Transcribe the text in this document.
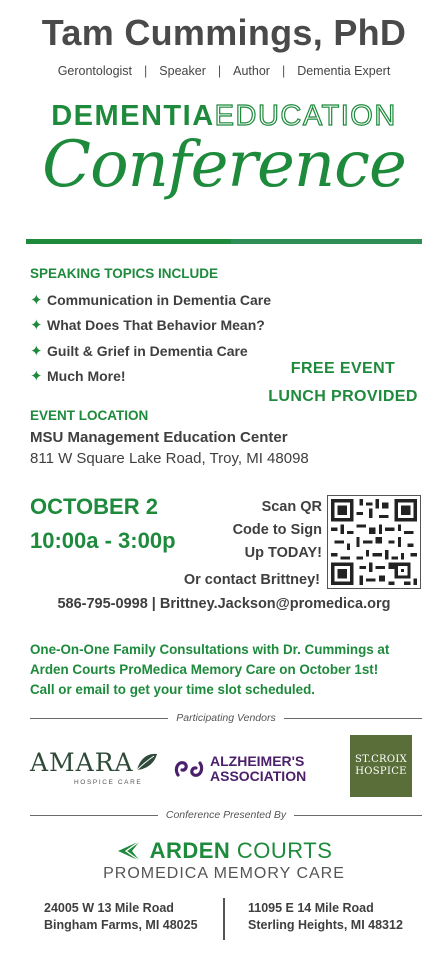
Tam Cummings, PhD
Gerontologist | Speaker | Author | Dementia Expert
DEMENTIAEDUCATION
Conference
SPEAKING TOPICS INCLUDE
✦ Communication in Dementia Care
✦ What Does That Behavior Mean?
✦ Guilt & Grief in Dementia Care
✦ Much More!	FREE EVENT
LUNCH PROVIDED
EVENT LOCATION
MSU Management Education Center
811 W Square Lake Road, Troy, MI 48098
OCTOBER 2
10:00a - 3:00p
Scan QR
Code to Sign
Up TODAY!
Or contact Brittney!
586-795-0998 | Brittney.Jackson@promedica.org
One-On-One Family Consultations with Dr. Cummings at
Arden Courts ProMedica Memory Care on October 1st!
Call or email to get your time slot scheduled.
Participating Vendors
AMARA
HOSPICE CARE
ALZHEIMER'S
ASSOCIATION
ST.CROIX
HOSPICE
Conference Presented By
ARDEN COURTS
PROMEDICA MEMORY CARE
24005 W 13 Mile Road
Bingham Farms, MI 48025
11095 E 14 Mile Road
Sterling Heights, MI 48312
